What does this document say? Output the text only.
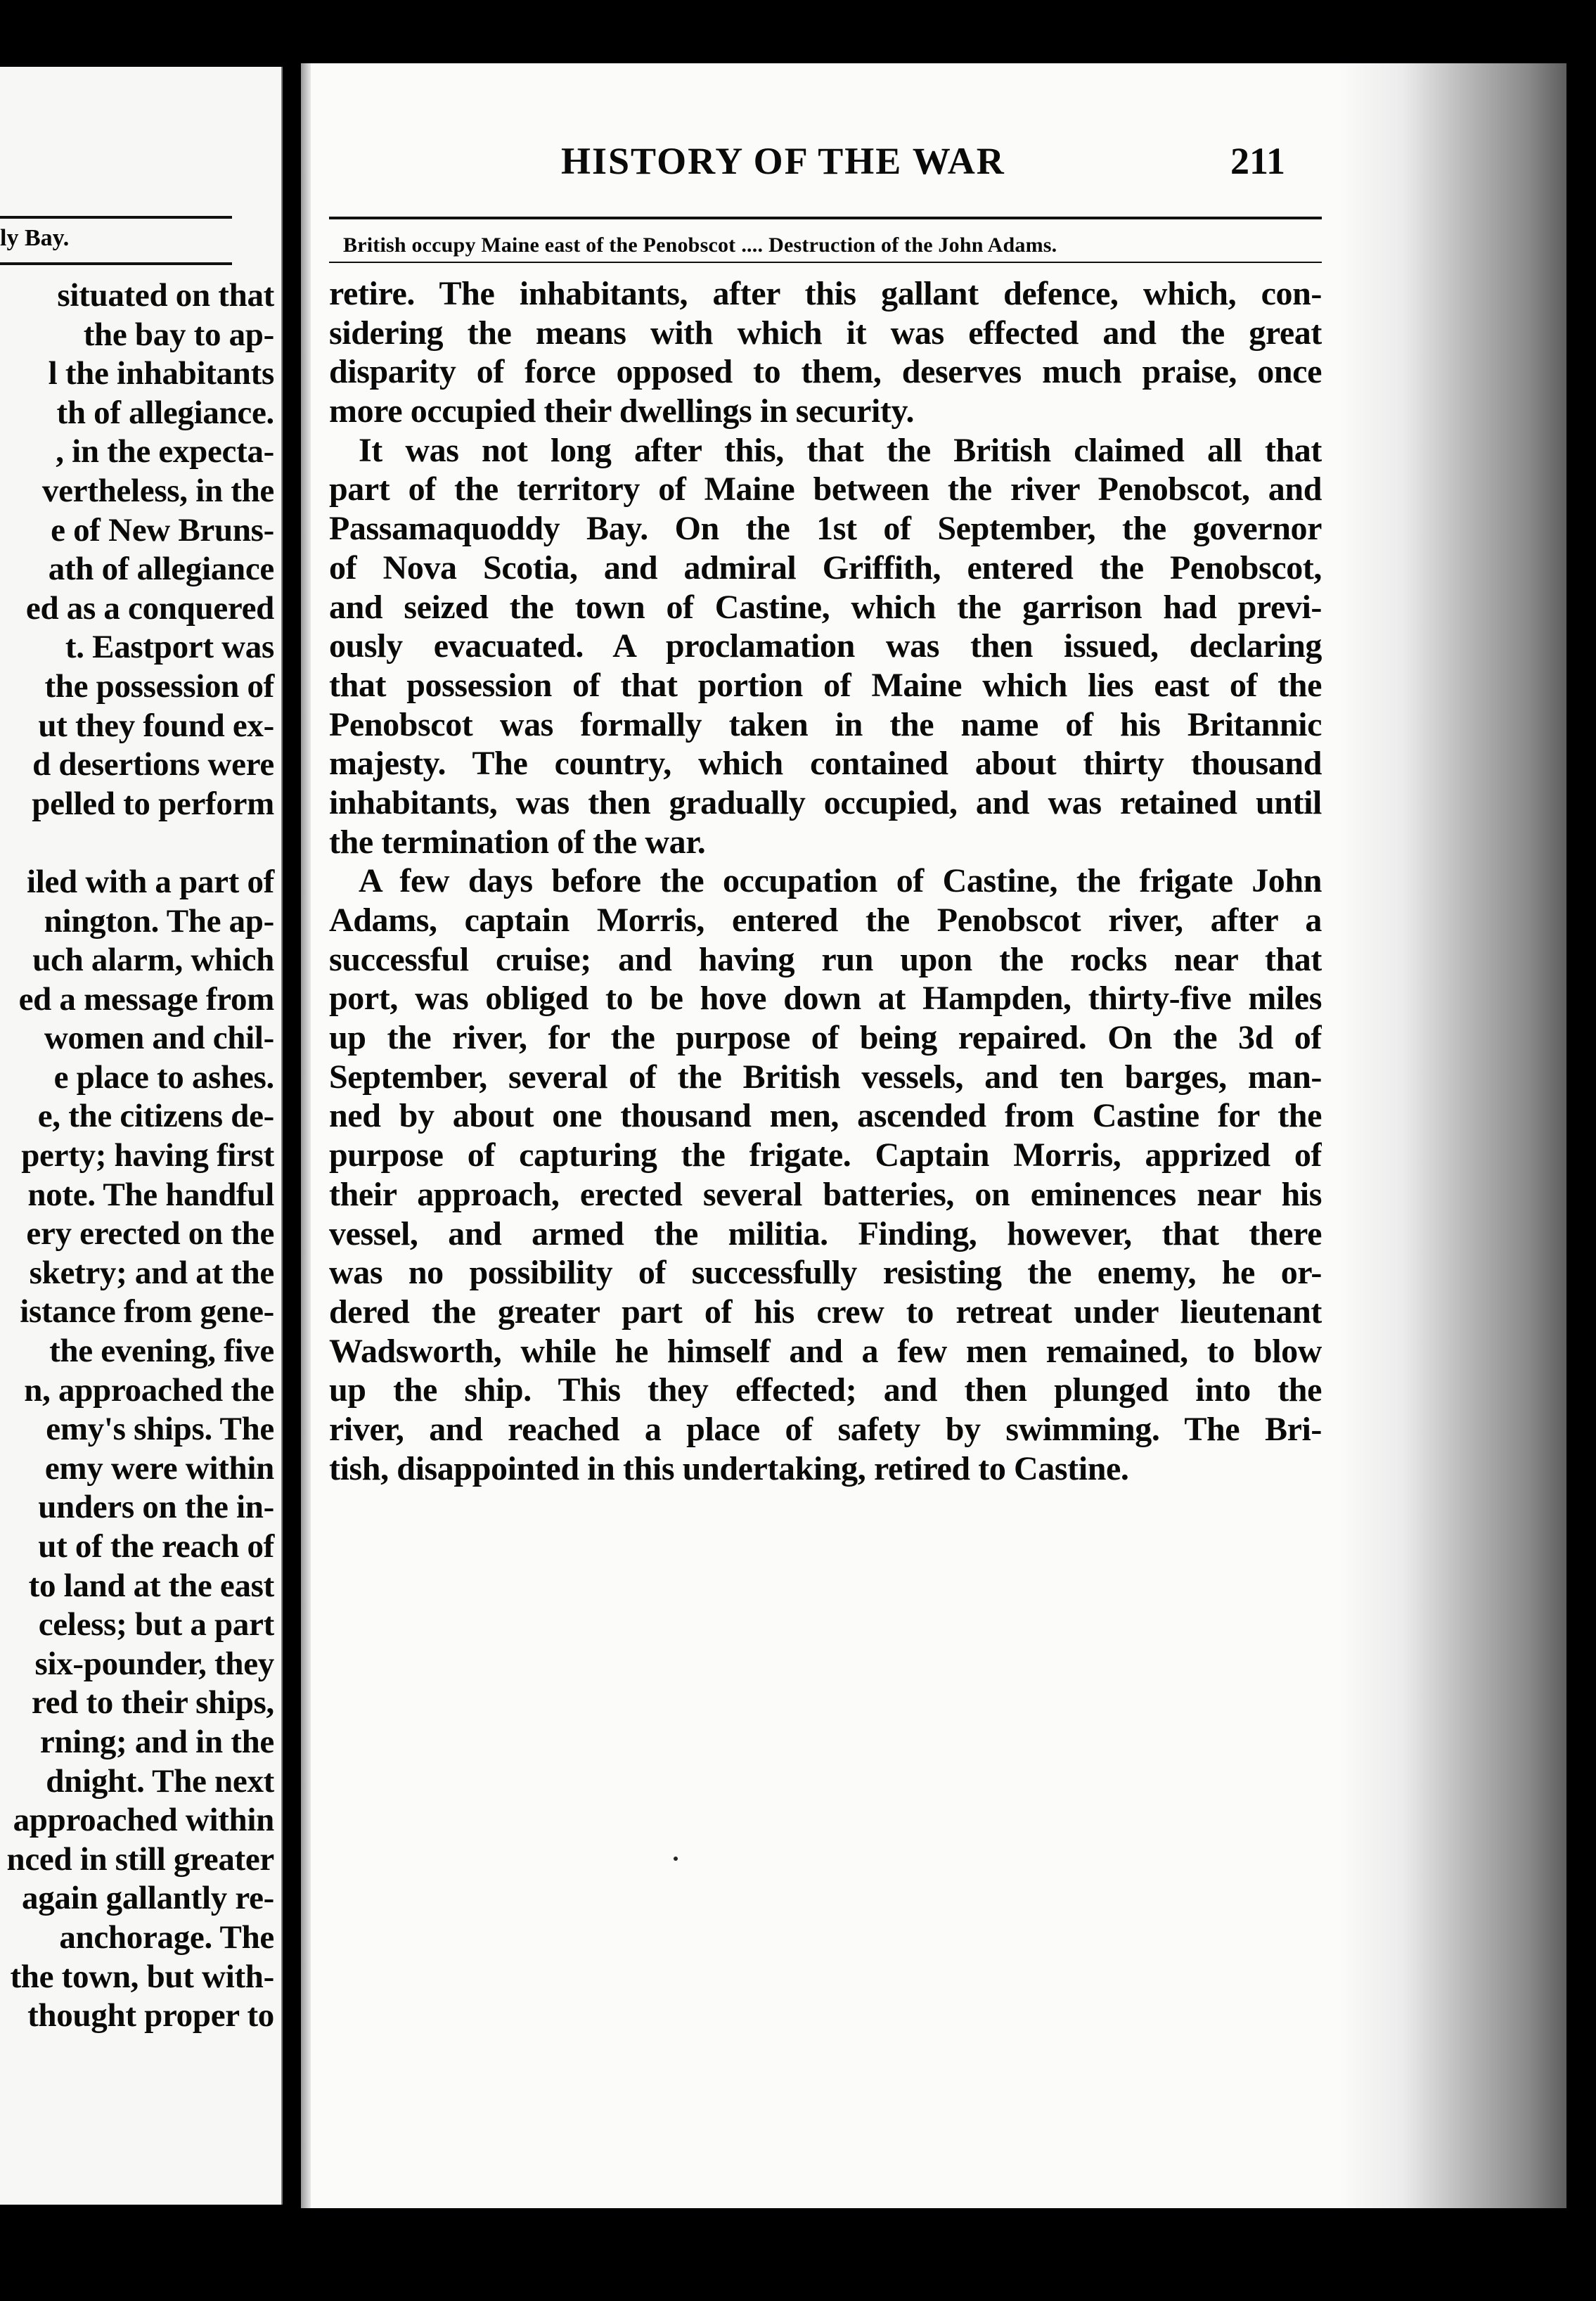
ly Bay.
situated on that
the bay to ap-
l the inhabitants
th of allegiance.
, in the expecta-
vertheless, in the
e of New Bruns-
ath of allegiance
ed as a conquered
t. Eastport was
the possession of
ut they found ex-
d desertions were
pelled to perform
iled with a part of
nington. The ap-
uch alarm, which
ed a message from
women and chil-
e place to ashes.
e, the citizens de-
perty; having first
note. The handful
ery erected on the
sketry; and at the
istance from gene-
the evening, five
n, approached the
emy's ships. The
emy were within
unders on the in-
ut of the reach of
to land at the east
celess; but a part
six-pounder, they
red to their ships,
rning; and in the
dnight. The next
approached within
nced in still greater
again gallantly re-
anchorage. The
the town, but with-
thought proper to
HISTORY OF THE WAR	211
British occupy Maine east of the Penobscot .... Destruction of the John Adams.
retire. The inhabitants, after this gallant defence, which, con-
sidering the means with which it was effected and the great
disparity of force opposed to them, deserves much praise, once
more occupied their dwellings in security.
It was not long after this, that the British claimed all that
part of the territory of Maine between the river Penobscot, and
Passamaquoddy Bay. On the 1st of September, the governor
of Nova Scotia, and admiral Griffith, entered the Penobscot,
and seized the town of Castine, which the garrison had previ-
ously evacuated. A proclamation was then issued, declaring
that possession of that portion of Maine which lies east of the
Penobscot was formally taken in the name of his Britannic
majesty. The country, which contained about thirty thousand
inhabitants, was then gradually occupied, and was retained until
the termination of the war.
A few days before the occupation of Castine, the frigate John
Adams, captain Morris, entered the Penobscot river, after a
successful cruise; and having run upon the rocks near that
port, was obliged to be hove down at Hampden, thirty-five miles
up the river, for the purpose of being repaired. On the 3d of
September, several of the British vessels, and ten barges, man-
ned by about one thousand men, ascended from Castine for the
purpose of capturing the frigate. Captain Morris, apprized of
their approach, erected several batteries, on eminences near his
vessel, and armed the militia. Finding, however, that there
was no possibility of successfully resisting the enemy, he or-
dered the greater part of his crew to retreat under lieutenant
Wadsworth, while he himself and a few men remained, to blow
up the ship. This they effected; and then plunged into the
river, and reached a place of safety by swimming. The Bri-
tish, disappointed in this undertaking, retired to Castine.
